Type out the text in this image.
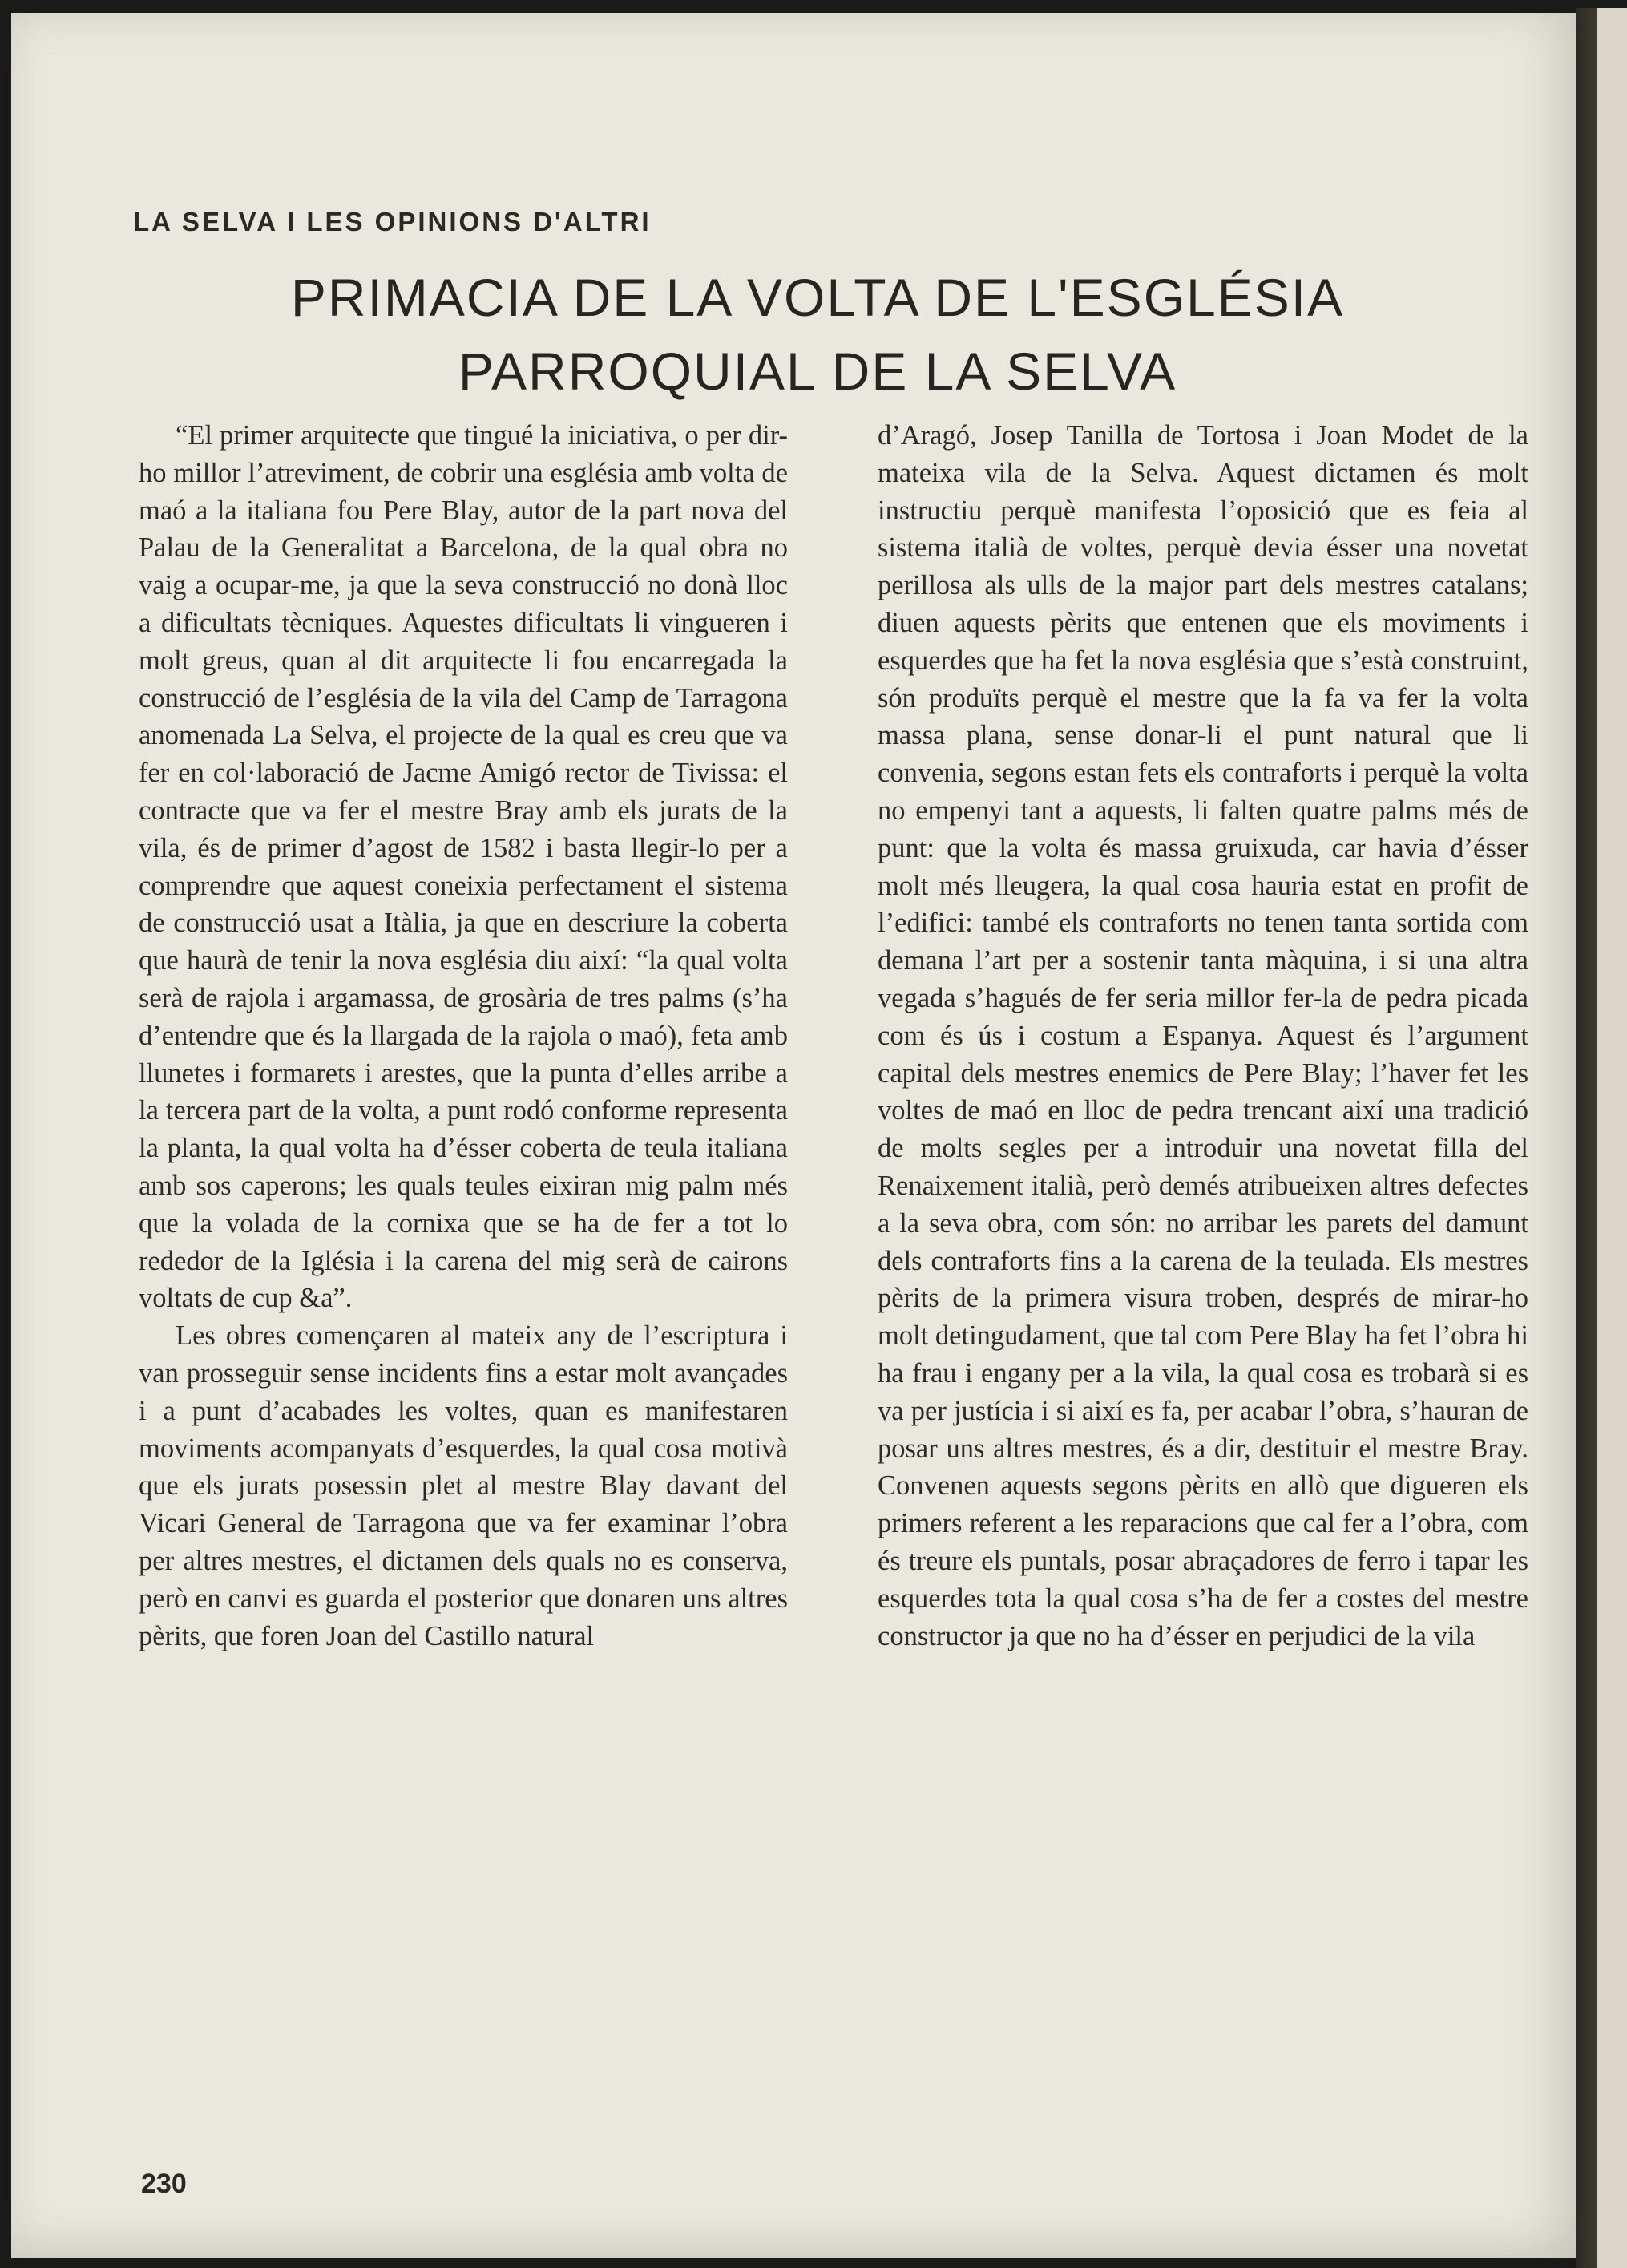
LA SELVA I LES OPINIONS D'ALTRI
PRIMACIA DE LA VOLTA DE L'ESGLÉSIA
PARROQUIAL DE LA SELVA

“El primer arquitecte que tingué la iniciativa, o per dir-ho millor l’atreviment, de cobrir una església amb volta de maó a la italiana fou Pere Blay, autor de la part nova del Palau de la Generalitat a Barcelona, de la qual obra no vaig a ocupar-me, ja que la seva construcció no donà lloc a dificultats tècniques. Aquestes dificultats li vingueren i molt greus, quan al dit arquitecte li fou encarregada la construcció de l’església de la vila del Camp de Tarragona anomenada La Selva, el projecte de la qual es creu que va fer en col·laboració de Jacme Amigó rector de Tivissa: el contracte que va fer el mestre Bray amb els jurats de la vila, és de primer d’agost de 1582 i basta llegir-lo per a comprendre que aquest coneixia perfectament el sistema de construcció usat a Itàlia, ja que en descriure la coberta que haurà de tenir la nova església diu així: “la qual volta serà de rajola i argamassa, de grosària de tres palms (s’ha d’entendre que és la llargada de la rajola o maó), feta amb llunetes i formarets i arestes, que la punta d’elles arribe a la tercera part de la volta, a punt rodó conforme representa la planta, la qual volta ha d’ésser coberta de teula italiana amb sos caperons; les quals teules eixiran mig palm més que la volada de la cornixa que se ha de fer a tot lo rededor de la Iglésia i la carena del mig serà de cairons voltats de cup &a”.

Les obres començaren al mateix any de l’escriptura i van prosseguir sense incidents fins a estar molt avançades i a punt d’acabades les voltes, quan es manifestaren moviments acompanyats d’esquerdes, la qual cosa motivà que els jurats posessin plet al mestre Blay davant del Vicari General de Tarragona que va fer examinar l’obra per altres mestres, el dictamen dels quals no es conserva, però en canvi es guarda el posterior que donaren uns altres pèrits, que foren Joan del Castillo natural

d’Aragó, Josep Tanilla de Tortosa i Joan Modet de la mateixa vila de la Selva. Aquest dictamen és molt instructiu perquè manifesta l’oposició que es feia al sistema italià de voltes, perquè devia ésser una novetat perillosa als ulls de la major part dels mestres catalans; diuen aquests pèrits que entenen que els moviments i esquerdes que ha fet la nova església que s’està construint, són produïts perquè el mestre que la fa va fer la volta massa plana, sense donar-li el punt natural que li convenia, segons estan fets els contraforts i perquè la volta no empenyi tant a aquests, li falten quatre palms més de punt: que la volta és massa gruixuda, car havia d’ésser molt més lleugera, la qual cosa hauria estat en profit de l’edifici: també els contraforts no tenen tanta sortida com demana l’art per a sostenir tanta màquina, i si una altra vegada s’hagués de fer seria millor fer-la de pedra picada com és ús i costum a Espanya. Aquest és l’argument capital dels mestres enemics de Pere Blay; l’haver fet les voltes de maó en lloc de pedra trencant així una tradició de molts segles per a introduir una novetat filla del Renaixement italià, però demés atribueixen altres defectes a la seva obra, com són: no arribar les parets del damunt dels contraforts fins a la carena de la teulada. Els mestres pèrits de la primera visura troben, després de mirar-ho molt detingudament, que tal com Pere Blay ha fet l’obra hi ha frau i engany per a la vila, la qual cosa es trobarà si es va per justícia i si així es fa, per acabar l’obra, s’hauran de posar uns altres mestres, és a dir, destituir el mestre Bray. Convenen aquests segons pèrits en allò que digueren els primers referent a les reparacions que cal fer a l’obra, com és treure els puntals, posar abraçadores de ferro i tapar les esquerdes tota la qual cosa s’ha de fer a costes del mestre constructor ja que no ha d’ésser en perjudici de la vila

230
